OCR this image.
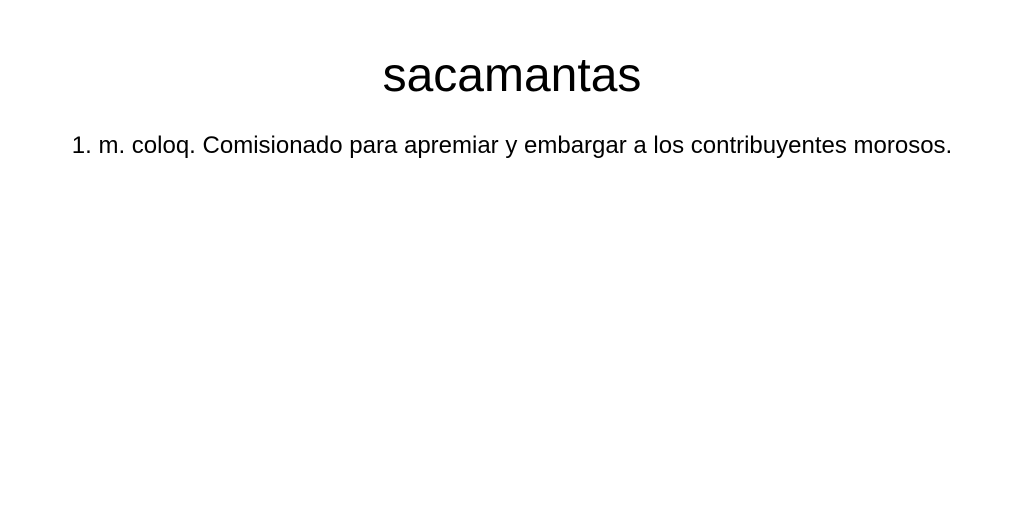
sacamantas

1. m. coloq. Comisionado para apremiar y embargar a los contribuyentes morosos.
